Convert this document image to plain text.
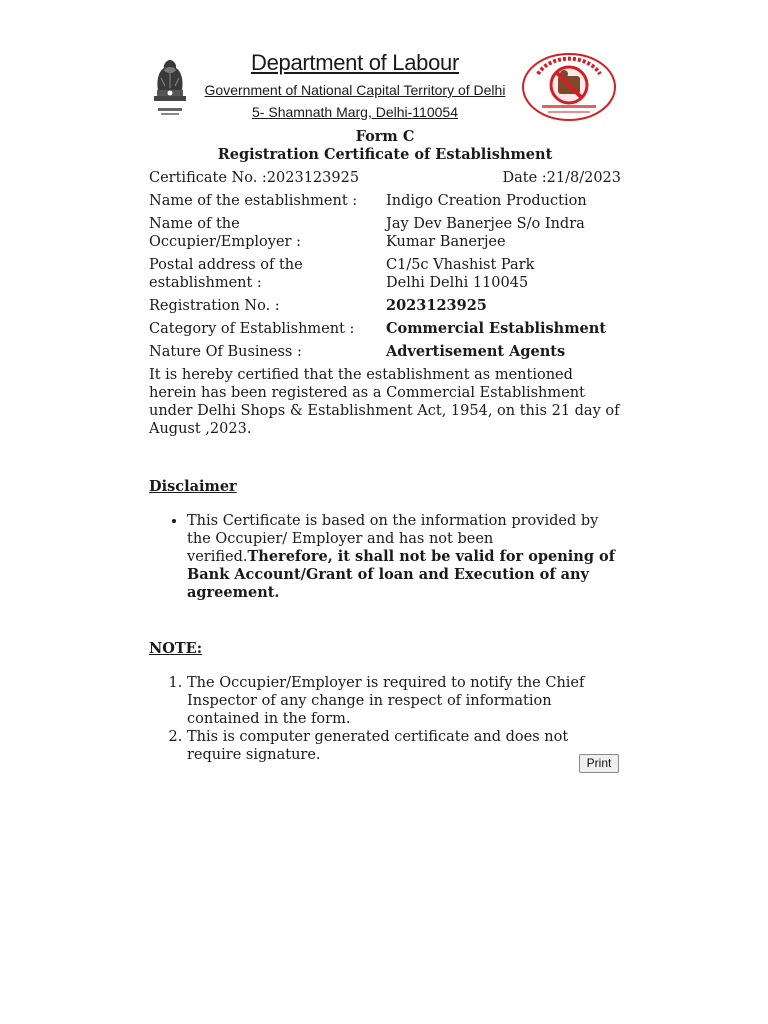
Department of Labour
Government of National Capital Territory of Delhi
5- Shamnath Marg, Delhi-110054
Form C
Registration Certificate of Establishment
Certificate No. :2023123925	Date :21/8/2023
Name of the establishment :	Indigo Creation Production
Name of the Occupier/Employer :
Jay Dev Banerjee S/o Indra Kumar Banerjee
Postal address of the establishment :
C1/5c Vhashist Park
Delhi Delhi 110045
Registration No. :	2023123925
Category of Establishment :	Commercial Establishment
Nature Of Business :	Advertisement Agents
It is hereby certified that the establishment as mentioned herein has been registered as a Commercial Establishment under Delhi Shops & Establishment Act, 1954, on this 21 day of August ,2023.
Disclaimer
• This Certificate is based on the information provided by the Occupier/ Employer and has not been verified.Therefore, it shall not be valid for opening of Bank Account/Grant of loan and Execution of any agreement.
NOTE:
1. The Occupier/Employer is required to notify the Chief Inspector of any change in respect of information contained in the form.
2. This is computer generated certificate and does not require signature.	Print
